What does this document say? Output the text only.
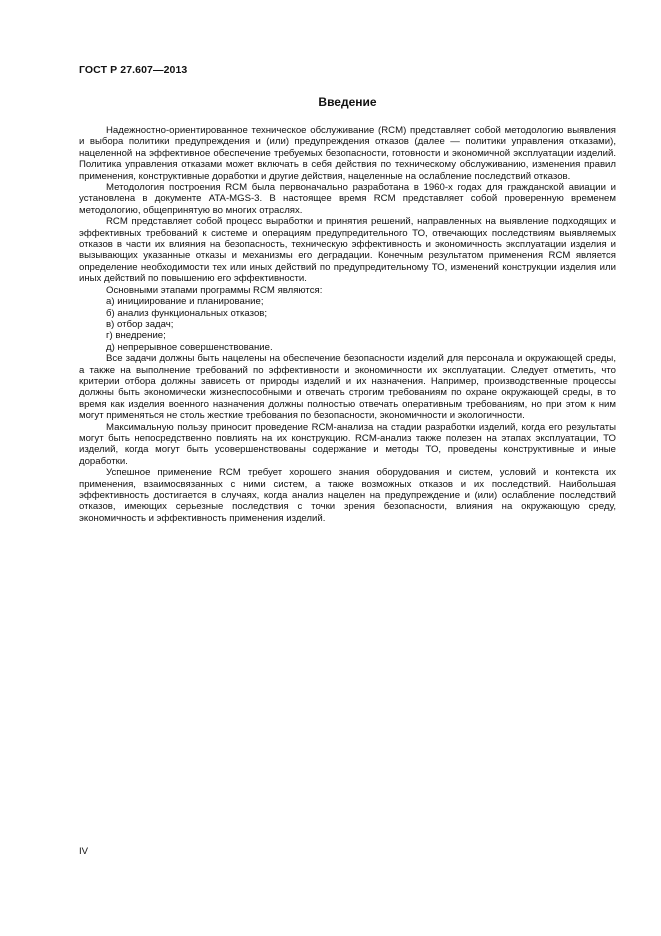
ГОСТ Р 27.607—2013
Введение

Надежностно-ориентированное техническое обслуживание (RCM) представляет собой методологию выявления и выбора политики предупреждения и (или) предупреждения отказов (далее — политики управления отказами), нацеленной на эффективное обеспечение требуемых безопасности, готовности и экономичной эксплуатации изделий. Политика управления отказами может включать в себя действия по техническому обслуживанию, изменения правил применения, конструктивные доработки и другие действия, нацеленные на ослабление последствий отказов.

Методология построения RCM была первоначально разработана в 1960-х годах для гражданской авиации и установлена в документе ATA-MGS-3. В настоящее время RCM представляет собой проверенную временем методологию, общепринятую во многих отраслях.

RCM представляет собой процесс выработки и принятия решений, направленных на выявление подходящих и эффективных требований к системе и операциям предупредительного ТО, отвечающих последствиям выявляемых отказов в части их влияния на безопасность, техническую эффективность и экономичность эксплуатации изделия и вызывающих указанные отказы и механизмы его деградации. Конечным результатом применения RCM является определение необходимости тех или иных действий по предупредительному ТО, изменений конструкции изделия или иных действий по повышению его эффективности.

Основными этапами программы RCM являются:

а) инициирование и планирование;
б) анализ функциональных отказов;
в) отбор задач;
г) внедрение;
д) непрерывное совершенствование.

Все задачи должны быть нацелены на обеспечение безопасности изделий для персонала и окружающей среды, а также на выполнение требований по эффективности и экономичности их эксплуатации. Следует отметить, что критерии отбора должны зависеть от природы изделий и их назначения. Например, производственные процессы должны быть экономически жизнеспособными и отвечать строгим требованиям по охране окружающей среды, в то время как изделия военного назначения должны полностью отвечать оперативным требованиям, но при этом к ним могут применяться не столь жесткие требования по безопасности, экономичности и экологичности.

Максимальную пользу приносит проведение RCM-анализа на стадии разработки изделий, когда его результаты могут быть непосредственно повлиять на их конструкцию. RCM-анализ также полезен на этапах эксплуатации, ТО изделий, когда могут быть усовершенствованы содержание и методы ТО, проведены конструктивные и иные доработки.

Успешное применение RCM требует хорошего знания оборудования и систем, условий и контекста их применения, взаимосвязанных с ними систем, а также возможных отказов и их последствий. Наибольшая эффективность достигается в случаях, когда анализ нацелен на предупреждение и (или) ослабление последствий отказов, имеющих серьезные последствия с точки зрения безопасности, влияния на окружающую среду, экономичность и эффективность применения изделий.

IV
